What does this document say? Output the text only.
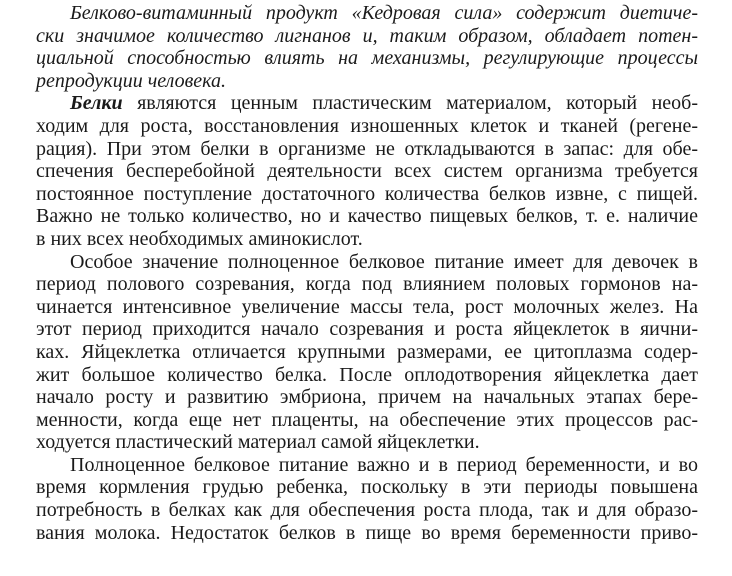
Белково-витаминный продукт «Кедровая сила» содержит диетиче-
ски значимое количество лигнанов и, таким образом, обладает потен-
циальной способностью влиять на механизмы, регулирующие процессы
репродукции человека.
Белки являются ценным пластическим материалом, который необ-
ходим для роста, восстановления изношенных клеток и тканей (регене-
рация). При этом белки в организме не откладываются в запас: для обе-
спечения бесперебойной деятельности всех систем организма требуется
постоянное поступление достаточного количества белков извне, с пищей.
Важно не только количество, но и качество пищевых белков, т. е. наличие
в них всех необходимых аминокислот.
Особое значение полноценное белковое питание имеет для девочек в
период полового созревания, когда под влиянием половых гормонов на-
чинается интенсивное увеличение массы тела, рост молочных желез. На
этот период приходится начало созревания и роста яйцеклеток в яични-
ках. Яйцеклетка отличается крупными размерами, ее цитоплазма содер-
жит большое количество белка. После оплодотворения яйцеклетка дает
начало росту и развитию эмбриона, причем на начальных этапах бере-
менности, когда еще нет плаценты, на обеспечение этих процессов рас-
ходуется пластический материал самой яйцеклетки.
Полноценное белковое питание важно и в период беременности, и во
время кормления грудью ребенка, поскольку в эти периоды повышена
потребность в белках как для обеспечения роста плода, так и для образо-
вания молока. Недостаток белков в пище во время беременности приво-
